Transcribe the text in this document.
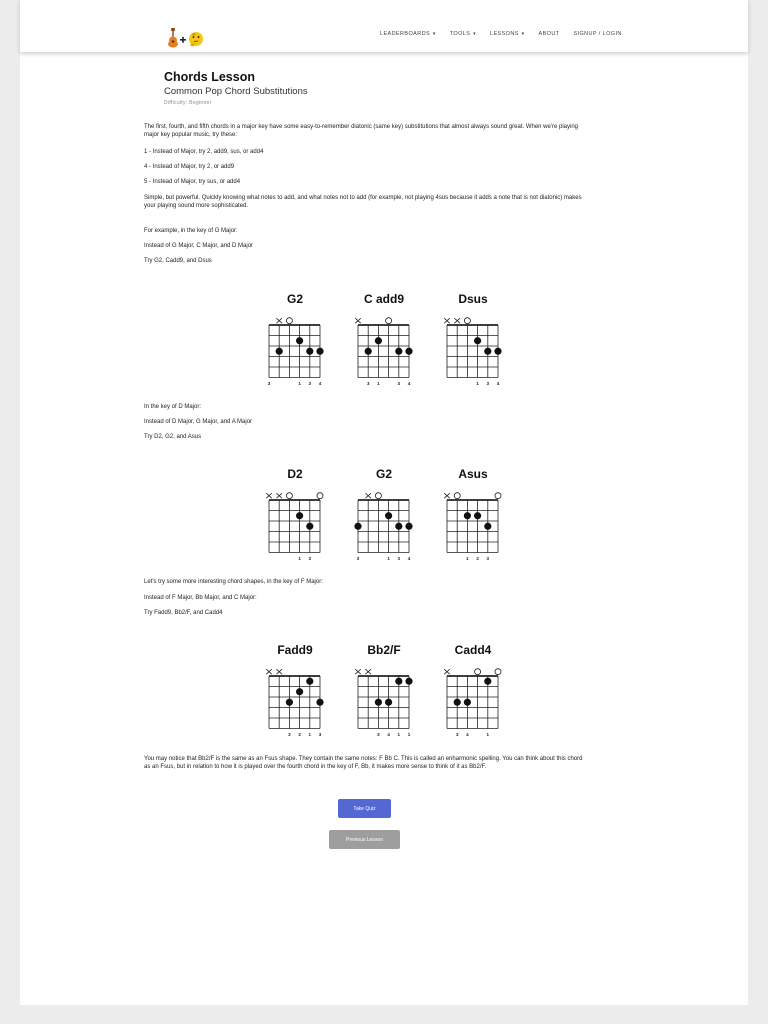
LEADERBOARDS ▾	TOOLS ▾	LESSONS ▾	ABOUT	SIGNUP / LOGIN
Chords Lesson
Common Pop Chord Substitutions
Difficulty: Beginner
The first, fourth, and fifth chords in a major key have some easy-to-remember diatonic (same key) substitutions that almost always sound great. When we're playing major key popular music, try these:
1 - Instead of Major, try 2, add9, sus, or add4
4 - Instead of Major, try 2, or add9
5 - Instead of Major, try sus, or add4
Simple, but powerful. Quickly knowing what notes to add, and what notes not to add (for example, not playing 4sus because it adds a note that is not diatonic) makes your playing sound more sophisticated.
For example, in the key of G Major:
Instead of G Major, C Major, and D Major
Try G2, Cadd9, and Dsus
In the key of D Major:
Instead of D Major, G Major, and A Major
Try D2, G2, and Asus
Let's try some more interesting chord shapes, in the key of F Major:
Instead of F Major, Bb Major, and C Major:
Try Fadd9, Bb2/F, and Cadd4
You may notice that Bb2/F is the same as an Fsus shape. They contain the same notes: F Bb C. This is called an enharmonic spelling. You can think about this chord as an Fsus, but in relation to how it is played over the fourth chord in the key of F, Bb, it makes more sense to think of it as Bb2/F.
G2
3	1 3 4
C add9
3 1	3 4
Dsus
1 3 4
D2
1 3
G2
3	1 3 4
Asus
1 2 3
Fadd9
3 2 1 3
Bb2/F
3 4 1 1
Cadd4
3 4	1
Take Quiz
Previous Lesson
